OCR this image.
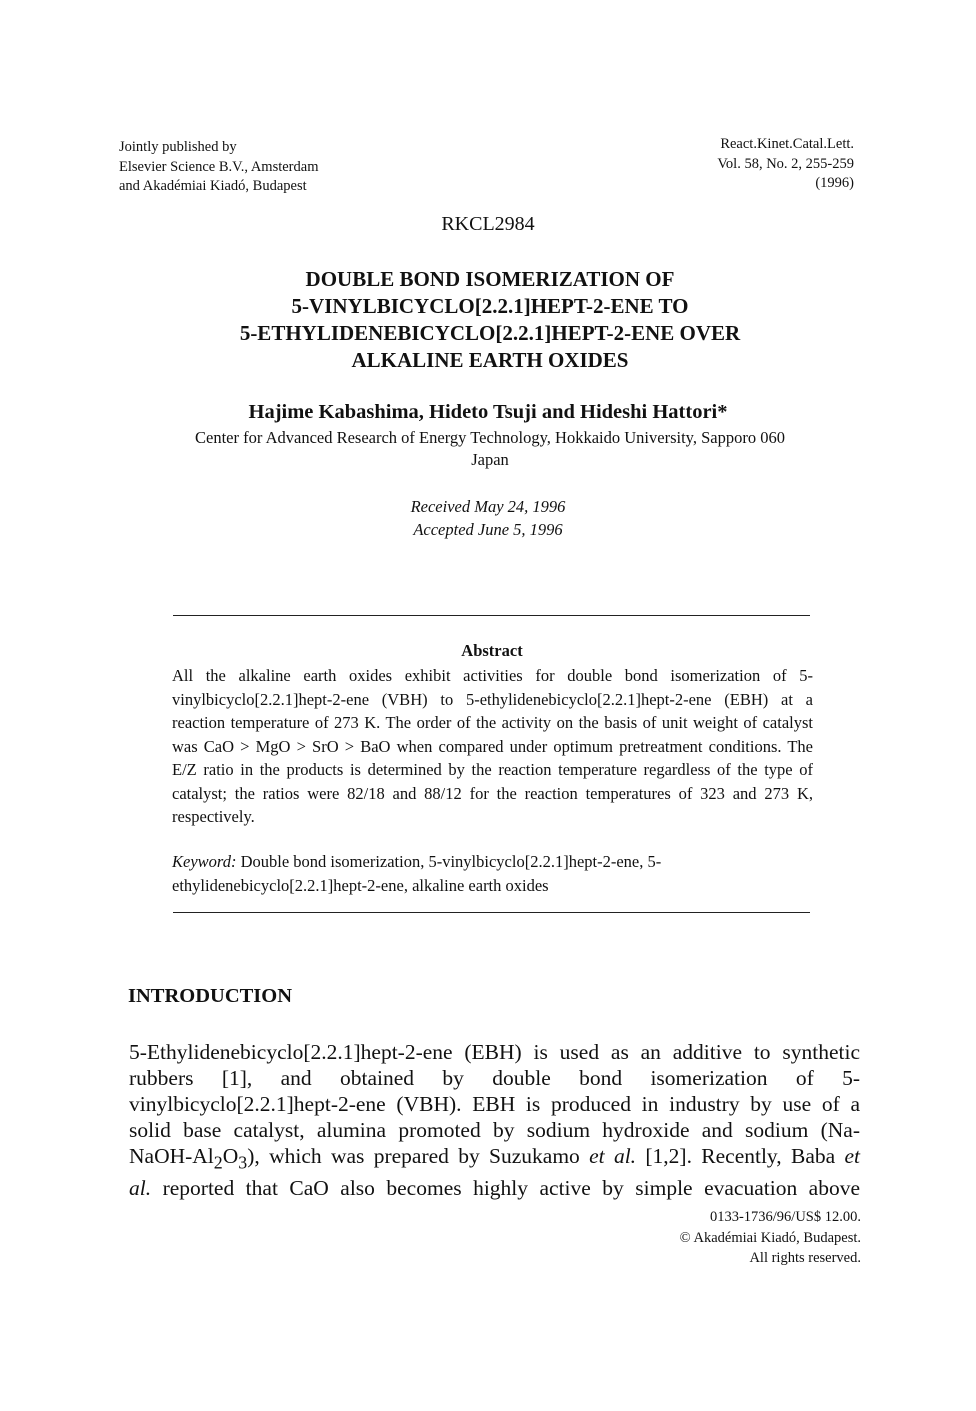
Jointly published by
Elsevier Science B.V., Amsterdam
and Akadémiai Kiadó, Budapest
React.Kinet.Catal.Lett.
Vol. 58, No. 2, 255-259
(1996)
RKCL2984
DOUBLE BOND ISOMERIZATION OF
5-VINYLBICYCLO[2.2.1]HEPT-2-ENE TO
5-ETHYLIDENEBICYCLO[2.2.1]HEPT-2-ENE OVER
ALKALINE EARTH OXIDES
Hajime Kabashima, Hideto Tsuji and Hideshi Hattori*
Center for Advanced Research of Energy Technology, Hokkaido University, Sapporo 060
Japan
Received May 24, 1996
Accepted June 5, 1996
Abstract

All the alkaline earth oxides exhibit activities for double bond isomerization of 5-vinylbicyclo[2.2.1]hept-2-ene (VBH) to 5-ethylidenebicyclo[2.2.1]hept-2-ene (EBH) at a reaction temperature of 273 K. The order of the activity on the basis of unit weight of catalyst was CaO > MgO > SrO > BaO when compared under optimum pretreatment conditions. The E/Z ratio in the products is determined by the reaction temperature regardless of the type of catalyst; the ratios were 82/18 and 88/12 for the reaction temperatures of 323 and 273 K, respectively.

Keyword: Double bond isomerization, 5-vinylbicyclo[2.2.1]hept-2-ene, 5-ethylidenebicyclo[2.2.1]hept-2-ene, alkaline earth oxides

INTRODUCTION
5-Ethylidenebicyclo[2.2.1]hept-2-ene (EBH) is used as an additive to synthetic
rubbers [1], and obtained by double bond isomerization of 5-
vinylbicyclo[2.2.1]hept-2-ene (VBH). EBH is produced in industry by use of a
solid base catalyst, alumina promoted by sodium hydroxide and sodium (Na-
NaOH-$Al_2O_3$), which was prepared by Suzukamo et al. [1,2]. Recently, Baba et
al. reported that CaO also becomes highly active by simple evacuation above
0133-1736/96/US$ 12.00.
© Akadémiai Kiadó, Budapest.
All rights reserved.
